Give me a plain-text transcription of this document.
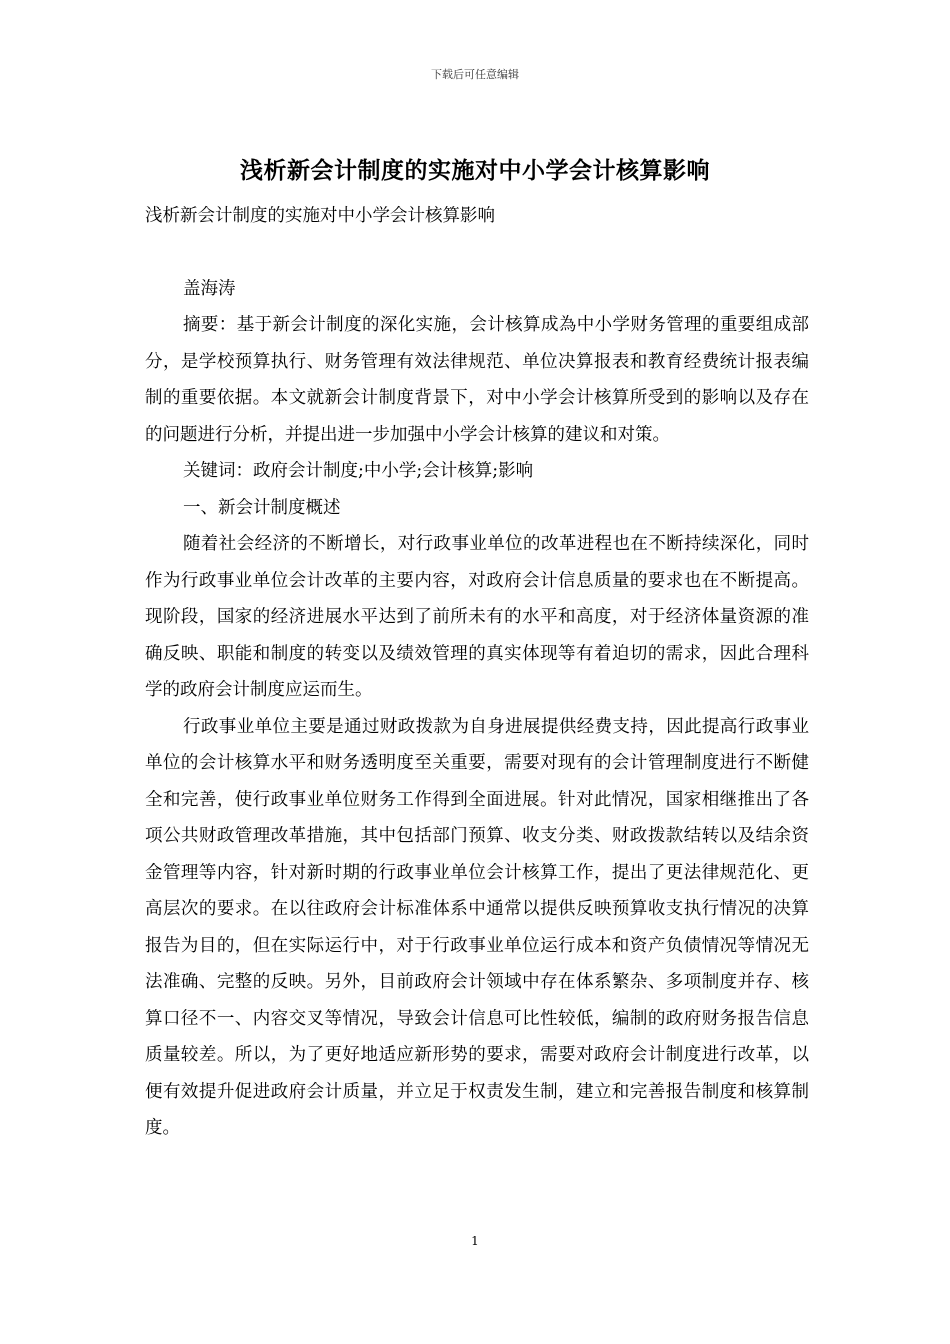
下载后可任意编辑
浅析新会计制度的实施对中小学会计核算影响

浅析新会计制度的实施对中小学会计核算影响

盖海涛

摘要：基于新会计制度的深化实施，会计核算成為中小学财务管理的重要组成部分，是学校预算执行、财务管理有效法律规范、单位决算报表和教育经费统计报表编制的重要依据。本文就新会计制度背景下，对中小学会计核算所受到的影响以及存在的问题进行分析，并提出进一步加强中小学会计核算的建议和对策。

关键词：政府会计制度;中小学;会计核算;影响

一、新会计制度概述

随着社会经济的不断增长，对行政事业单位的改革进程也在不断持续深化，同时作为行政事业单位会计改革的主要内容，对政府会计信息质量的要求也在不断提高。现阶段，国家的经济进展水平达到了前所未有的水平和高度，对于经济体量资源的准确反映、职能和制度的转变以及绩效管理的真实体现等有着迫切的需求，因此合理科学的政府会计制度应运而生。

行政事业单位主要是通过财政拨款为自身进展提供经费支持，因此提高行政事业单位的会计核算水平和财务透明度至关重要，需要对现有的会计管理制度进行不断健全和完善，使行政事业单位财务工作得到全面进展。针对此情况，国家相继推出了各项公共财政管理改革措施，其中包括部门预算、收支分类、财政拨款结转以及结余资金管理等内容，针对新时期的行政事业单位会计核算工作，提出了更法律规范化、更高层次的要求。在以往政府会计标准体系中通常以提供反映预算收支执行情况的决算报告为目的，但在实际运行中，对于行政事业单位运行成本和资产负债情况等情况无法准确、完整的反映。另外，目前政府会计领域中存在体系繁杂、多项制度并存、核算口径不一、内容交叉等情况，导致会计信息可比性较低，编制的政府财务报告信息质量较差。所以，为了更好地适应新形势的要求，需要对政府会计制度进行改革，以便有效提升促进政府会计质量，并立足于权责发生制，建立和完善报告制度和核算制度。

1
